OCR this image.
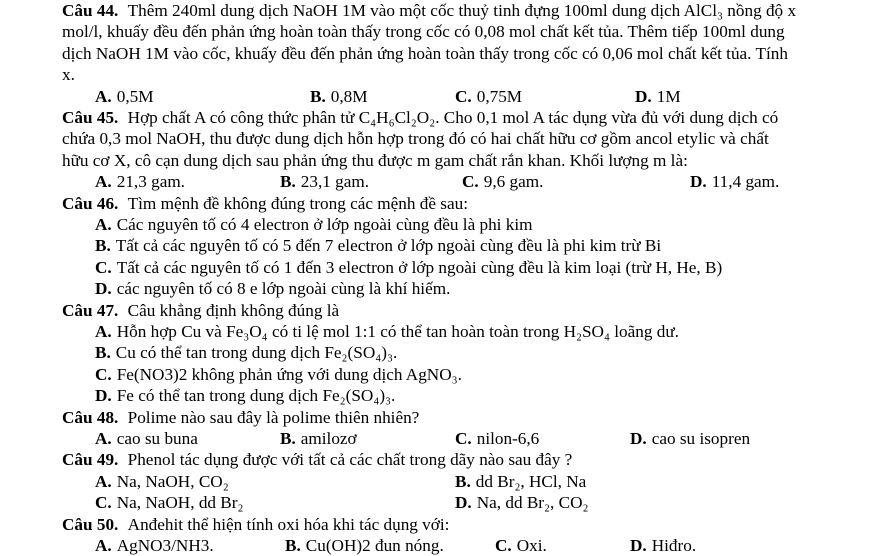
Câu 44. Thêm 240ml dung dịch NaOH 1M vào một cốc thuỷ tinh đựng 100ml dung dịch AlCl₃ nồng độ x
mol/l, khuấy đều đến phản ứng hoàn toàn thấy trong cốc có 0,08 mol chất kết tủa. Thêm tiếp 100ml dung
dịch NaOH 1M vào cốc, khuấy đều đến phản ứng hoàn toàn thấy trong cốc có 0,06 mol chất kết tủa. Tính
x.
A. 0,5M	B. 0,8M	C. 0,75M	D. 1M
Câu 45. Hợp chất A có công thức phân tử C₄H₆Cl₂O₂. Cho 0,1 mol A tác dụng vừa đủ với dung dịch có
chứa 0,3 mol NaOH, thu được dung dịch hỗn hợp trong đó có hai chất hữu cơ gồm ancol etylic và chất
hữu cơ X, cô cạn dung dịch sau phản ứng thu được m gam chất rắn khan. Khối lượng m là:
A. 21,3 gam.	B. 23,1 gam.	C. 9,6 gam.	D. 11,4 gam.
Câu 46. Tìm mệnh đề không đúng trong các mệnh đề sau:
A. Các nguyên tố có 4 electron ở lớp ngoài cùng đều là phi kim
B. Tất cả các nguyên tố có 5 đến 7 electron ở lớp ngoài cùng đều là phi kim trừ Bi
C. Tất cả các nguyên tố có 1 đến 3 electron ở lớp ngoài cùng đều là kim loại (trừ H, He, B)
D. các nguyên tố có 8 e lớp ngoài cùng là khí hiếm.
Câu 47. Câu khẳng định không đúng là
A. Hỗn hợp Cu và Fe₃O₄ có ti lệ mol 1:1 có thể tan hoàn toàn trong H₂SO₄ loãng dư.
B. Cu có thể tan trong dung dịch Fe₂(SO₄)₃.
C. Fe(NO3)2 không phản ứng với dung dịch AgNO₃.
D. Fe có thể tan trong dung dịch Fe₂(SO₄)₃.
Câu 48. Polime nào sau đây là polime thiên nhiên?
A. cao su buna	B. amilozơ	C. nilon-6,6	D. cao su isopren
Câu 49. Phenol tác dụng được với tất cả các chất trong dãy nào sau đây ?
A. Na, NaOH, CO₂	B. dd Br₂, HCl, Na
C. Na, NaOH, dd Br₂	D. Na, dd Br₂, CO₂
Câu 50. Anđehit thể hiện tính oxi hóa khi tác dụng với:
A. AgNO3/NH3.	B. Cu(OH)2 đun nóng.	C. Oxi.	D. Hiđro.
